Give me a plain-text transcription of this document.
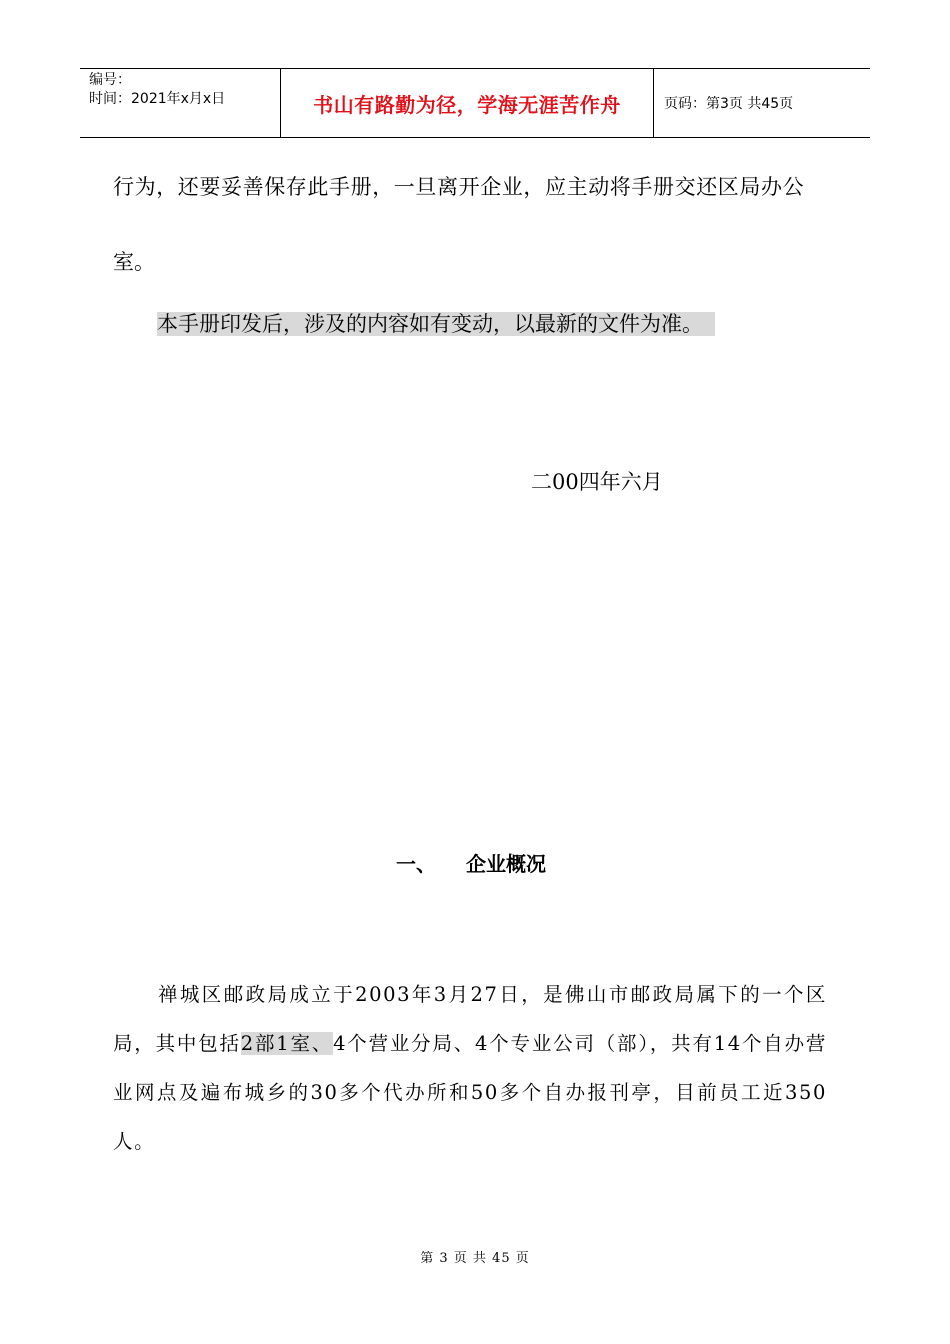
编号：
时间：2021年x月x日	书山有路勤为径，学海无涯苦作舟	页码：第3页 共45页
行为，还要妥善保存此手册，一旦离开企业，应主动将手册交还区局办公
室。
本手册印发后，涉及的内容如有变动，以最新的文件为准。
二00四年六月
一、 企业概况
禅城区邮政局成立于2003年3月27日，是佛山市邮政局属下的一个区局，其中包括2部1室、4个营业分局、4个专业公司（部），共有14个自办营业网点及遍布城乡的30多个代办所和50多个自办报刊亭，目前员工近350人。
第 3 页 共 45 页
